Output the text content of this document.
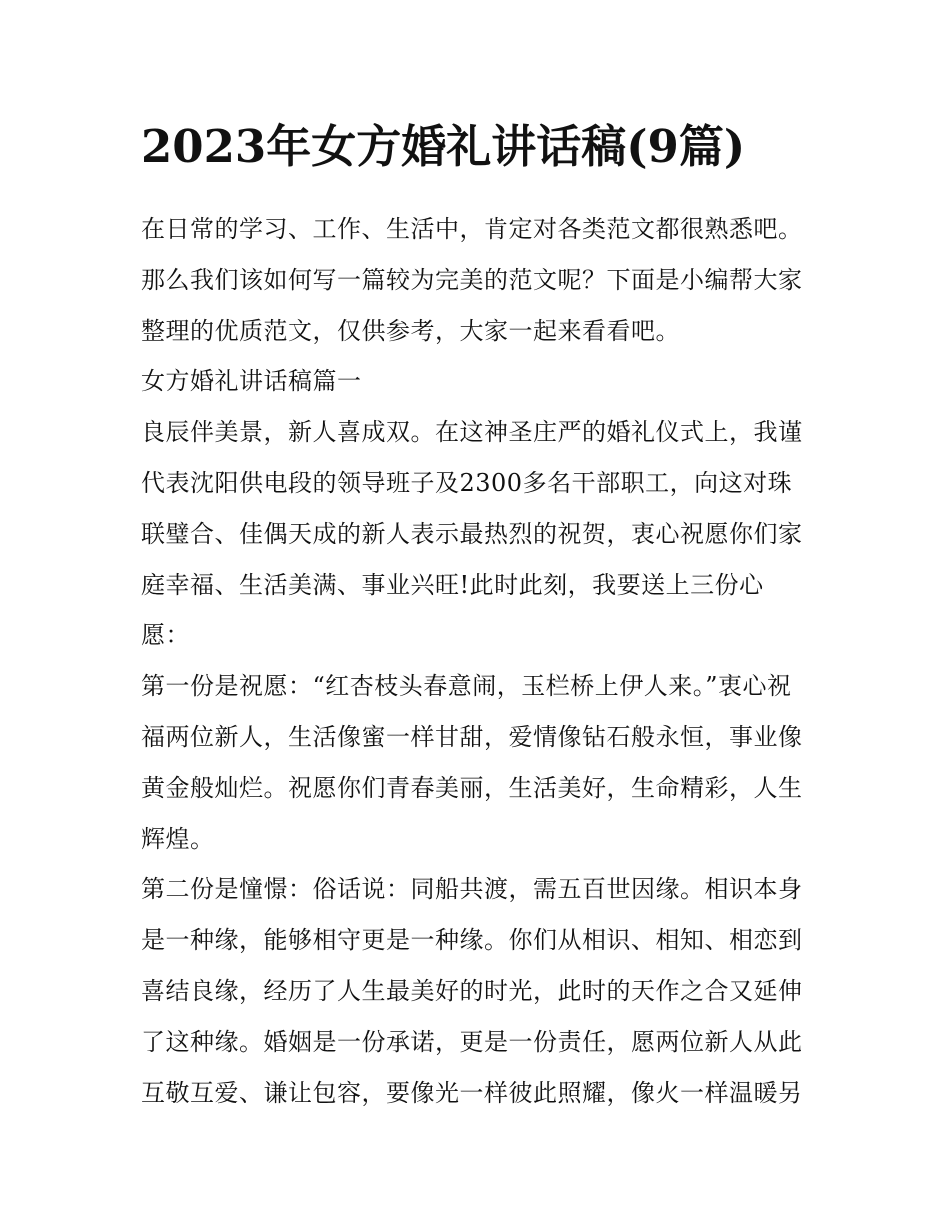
2023年女方婚礼讲话稿(9篇)
在日常的学习、工作、生活中，肯定对各类范文都很熟悉吧。
那么我们该如何写一篇较为完美的范文呢？下面是小编帮大家
整理的优质范文，仅供参考，大家一起来看看吧。
女方婚礼讲话稿篇一
良辰伴美景，新人喜成双。在这神圣庄严的婚礼仪式上，我谨
代表沈阳供电段的领导班子及2300多名干部职工，向这对珠
联璧合、佳偶天成的新人表示最热烈的祝贺，衷心祝愿你们家
庭幸福、生活美满、事业兴旺!此时此刻，我要送上三份心
愿：
第一份是祝愿：“红杏枝头春意闹，玉栏桥上伊人来。”衷心祝
福两位新人，生活像蜜一样甘甜，爱情像钻石般永恒，事业像
黄金般灿烂。祝愿你们青春美丽，生活美好，生命精彩，人生
辉煌。
第二份是憧憬：俗话说：同船共渡，需五百世因缘。相识本身
是一种缘，能够相守更是一种缘。你们从相识、相知、相恋到
喜结良缘，经历了人生最美好的时光，此时的天作之合又延伸
了这种缘。婚姻是一份承诺，更是一份责任，愿两位新人从此
互敬互爱、谦让包容，要像光一样彼此照耀，像火一样温暖另
